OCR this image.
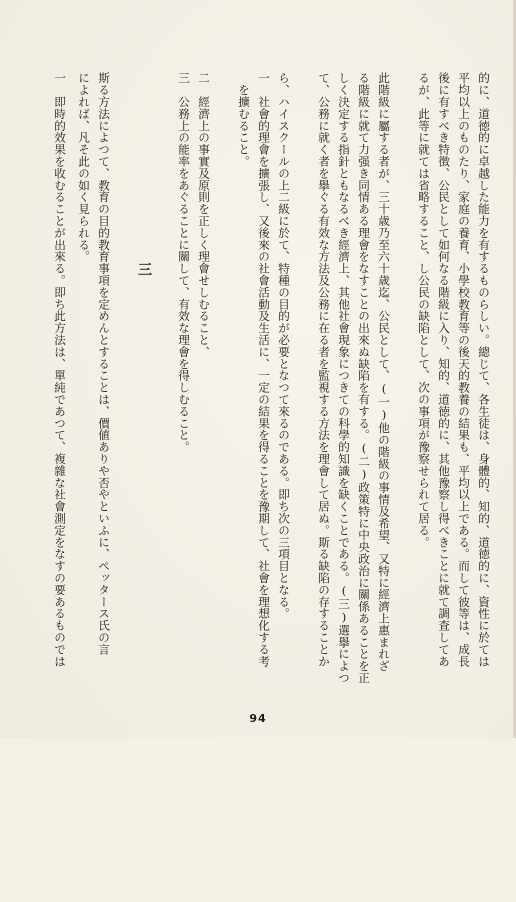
的に、道徳的に卓越した能力を有するものらしい。總じて、各生徒は、身體的、知的、道徳的に、資性に於ては
平均以上のものたり、家庭の養育、小學校教育等の後天的教養の結果も、平均以上である。而して彼等は、成長
後に有すべき特徴、公民として如何なる階級に入り、知的、道徳的に、其他豫察し得べきことに就て調査してあ
るが、此等に就ては省略すること、し公民の缺陷として、次の事項が豫察せられて居る。
此階級に屬する者が、三十歳乃至六十歳迄、公民として、(一)他の階級の事情及希望、又特に經濟上惠まれざ
る階級に就て力强き同情ある理會をなすことの出來ぬ缺陷を有する。(二)政策特に中央政治に關係あることを正
しく決定する指針ともなるべき經濟上、其他社會現象につきての科學的知識を缺くことである。(三)選擧によつ
て、公務に就く者を擧ぐる有效な方法及公務に在る者を監視する方法を理會して居ぬ。斯る缺陷の存することか
ら、ハイスクールの上二級に於て、特種の目的が必要となつて來るのである。即ち次の三項目となる。
一　社會的理會を擴張し、又後來の社會活動及生活に、一定の結果を得ることを豫期して、社會を理想化する考
　を擴むること。
二　經濟上の事實及原則を正しく理會せしむること、
三　公務上の能率をあぐることに關して、有效な理會を得しむること。
三
斯る方法によつて、教育の目的教育事項を定めんとすることは、價値ありや否やといふに、ペッタース氏の言
によれば、凡そ此の如く見られる。
一　即時的效果を收むることが出來る。即ち此方法は、單純であつて、複雜な社會測定をなすの要あるものでは
94
